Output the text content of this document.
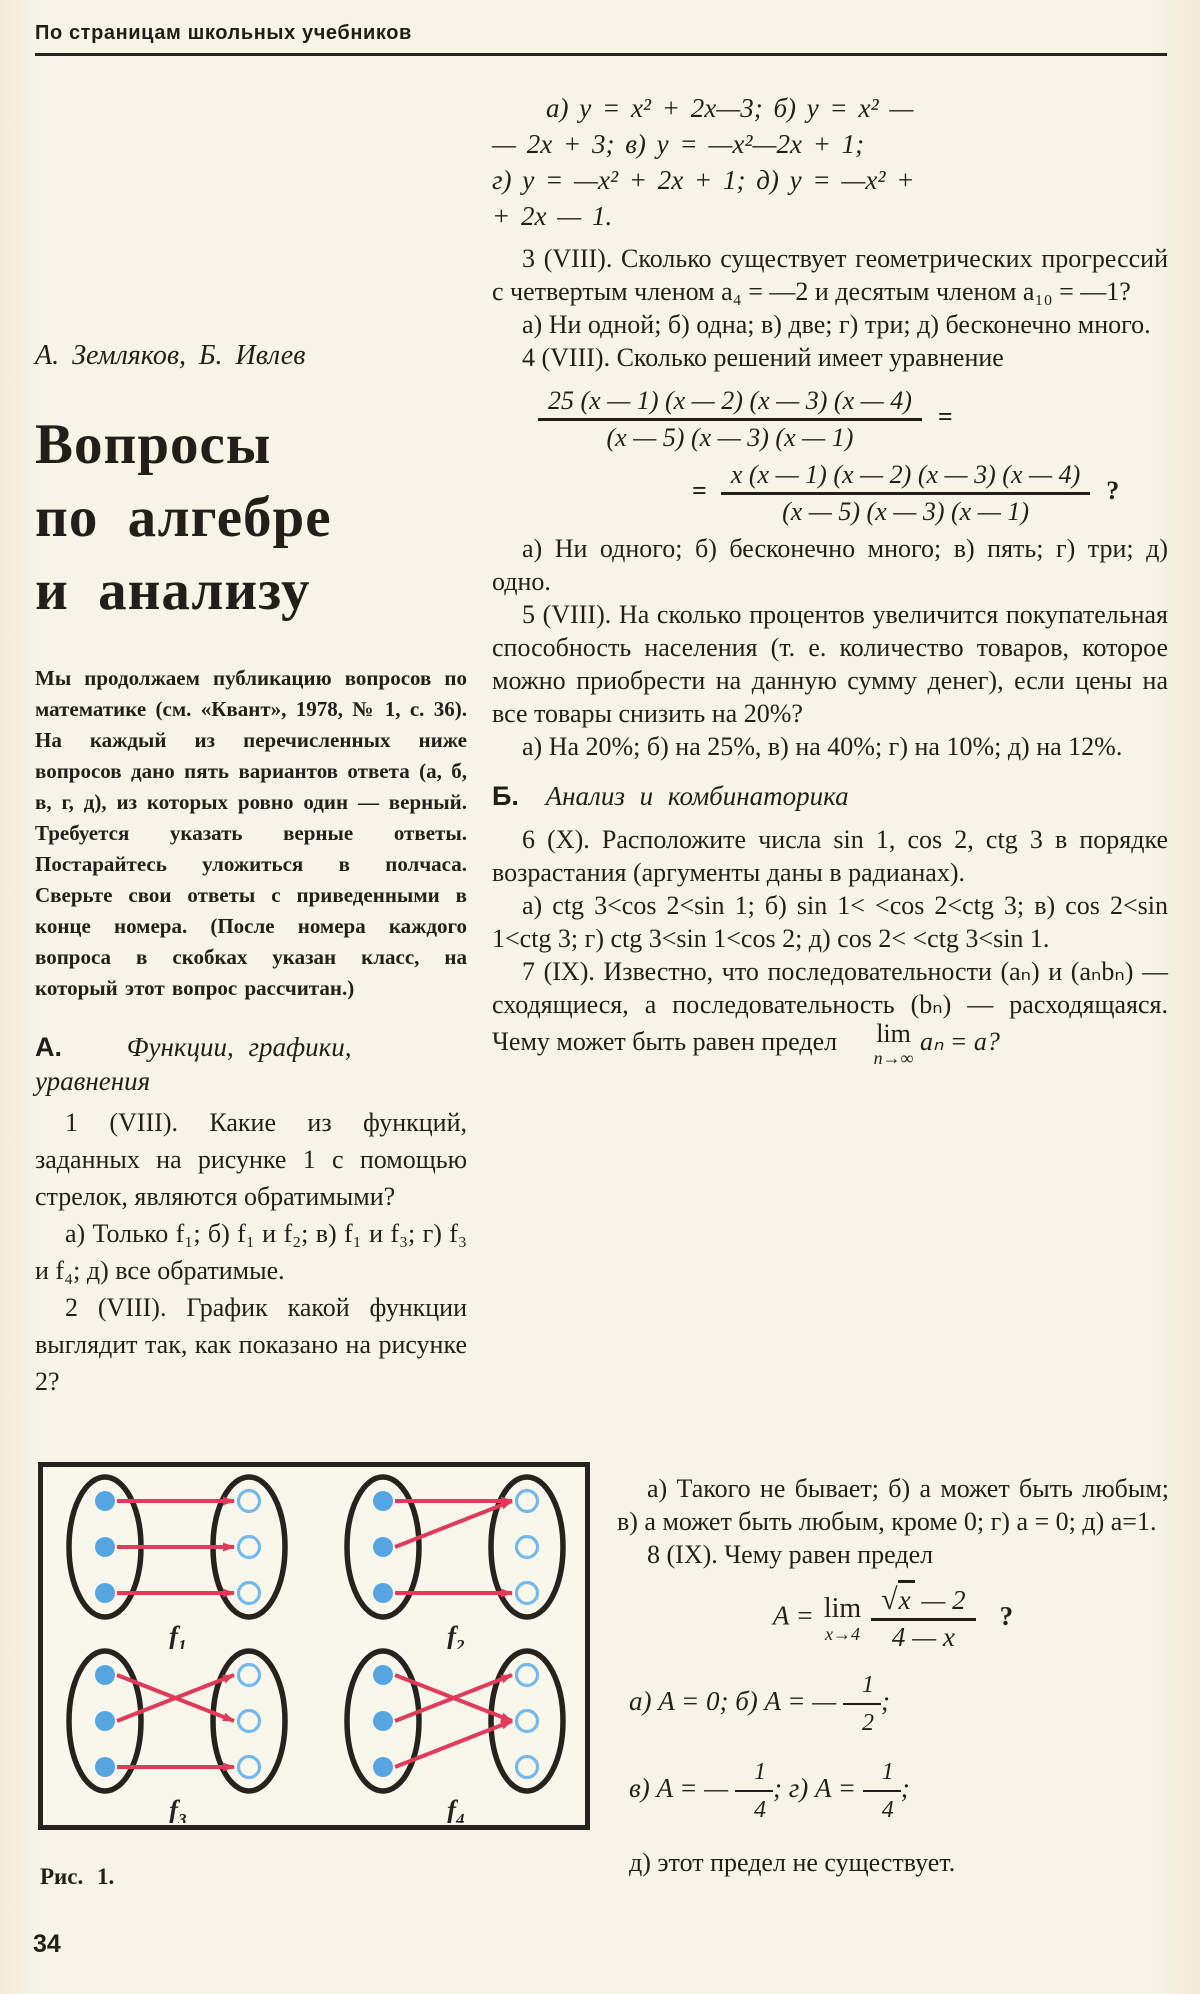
По страницам школьных учебников
А. Земляков, Б. Ивлев
Вопросы
по алгебре
и анализу

Мы продолжаем публикацию вопросов по математике (см. «Квант», 1978, № 1, с. 36). На каждый из перечисленных ниже вопросов дано пять вариантов ответа (а, б, в, г, д), из которых ровно один — верный. Требуется указать верные ответы. Постарайтесь уложиться в полчаса. Сверьте свои ответы с приведенными в конце номера. (После номера каждого вопроса в скобках указан класс, на который этот вопрос рассчитан.)

А. Функции, графики, уравнения

1 (VIII). Какие из функций, заданных на рисунке 1 с помощью стрелок, являются обратимыми?

а) Только f₁; б) f₁ и f₂; в) f₁ и f₃; г) f₃ и f₄; д) все обратимые.

2 (VIII). График какой функции выглядит так, как показано на рисунке 2?

а) y = x² + 2x—3; б) y = x² —
— 2x + 3; в) y = —x²—2x + 1;
г) y = —x² + 2x + 1; д) y = —x² +
+ 2x — 1.

3 (VIII). Сколько существует геометрических прогрессий с четвертым членом a₄ = —2 и десятым членом a₁₀ = —1?

а) Ни одной; б) одна; в) две; г) три; д) бесконечно много.

4 (VIII). Сколько решений имеет уравнение

$\frac{25 (x — 1) (x — 2) (x — 3) (x — 4)}{(x — 5) (x — 3) (x — 1)}$ =
= $\frac{x (x — 1) (x — 2) (x — 3) (x — 4)}{(x — 5) (x — 3) (x — 1)}$ ?

а) Ни одного; б) бесконечно много; в) пять; г) три; д) одно.

5 (VIII). На сколько процентов увеличится покупательная способность населения (т. е. количество товаров, которое можно приобрести на данную сумму денег), если цены на все товары снизить на 20%?

а) На 20%; б) на 25%, в) на 40%; г) на 10%; д) на 12%.

Б. Анализ и комбинаторика

6 (X). Расположите числа sin 1, cos 2, ctg 3 в порядке возрастания (аргументы даны в радианах).

а) ctg 3<cos 2<sin 1; б) sin 1< <cos 2<ctg 3; в) cos 2<sin 1<ctg 3; г) ctg 3<sin 1<cos 2; д) cos 2< <ctg 3<sin 1.

7 (IX). Известно, что последовательности (aₙ) и (aₙbₙ) — сходящиеся, а последовательность (bₙ) — расходящаяся. Чему может быть равен предел	lim
n→∞
aₙ = a?

а) Такого не бывает; б) a может быть любым; в) a может быть любым, кроме 0; г) a = 0; д) a=1.

8 (IX). Чему равен предел

A = lim
$x\to 4 \frac{√x — 2}{4 — x}$ ?
а) A = 0; б) A = — $\frac{1}{2}$ ;
в) A = — $\frac{1}{4}$ ; г) $A = \frac{1}{4}$ ;

д) этот предел не существует.

$f_1$	$f_2$
$f_3$	$f_4$
Рис. 1.
34
